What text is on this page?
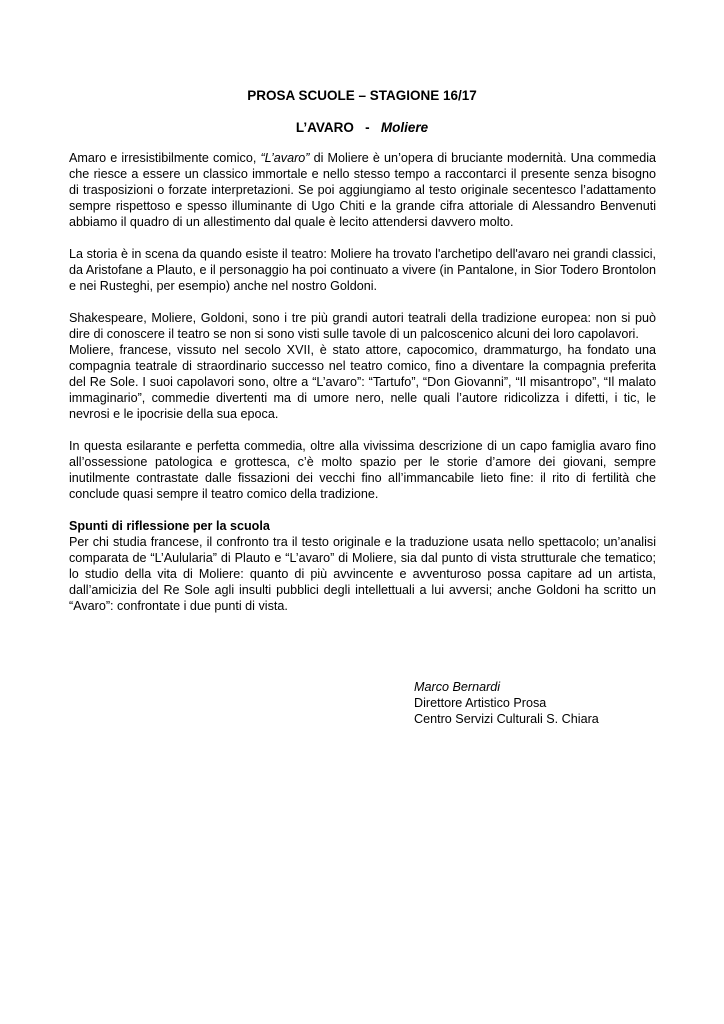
PROSA SCUOLE – STAGIONE 16/17
L’AVARO - Moliere

Amaro e irresistibilmente comico, “L’avaro” di Moliere è un’opera di bruciante modernità. Una commedia che riesce a essere un classico immortale e nello stesso tempo a raccontarci il presente senza bisogno di trasposizioni o forzate interpretazioni. Se poi aggiungiamo al testo originale secentesco l’adattamento sempre rispettoso e spesso illuminante di Ugo Chiti e la grande cifra attoriale di Alessandro Benvenuti abbiamo il quadro di un allestimento dal quale è lecito attendersi davvero molto.

La storia è in scena da quando esiste il teatro: Moliere ha trovato l'archetipo dell'avaro nei grandi classici, da Aristofane a Plauto, e il personaggio ha poi continuato a vivere (in Pantalone, in Sior Todero Brontolon e nei Rusteghi, per esempio) anche nel nostro Goldoni.

Shakespeare, Moliere, Goldoni, sono i tre più grandi autori teatrali della tradizione europea: non si può dire di conoscere il teatro se non si sono visti sulle tavole di un palcoscenico alcuni dei loro capolavori.

Moliere, francese, vissuto nel secolo XVII, è stato attore, capocomico, drammaturgo, ha fondato una compagnia teatrale di straordinario successo nel teatro comico, fino a diventare la compagnia preferita del Re Sole. I suoi capolavori sono, oltre a “L’avaro”: “Tartufo”, “Don Giovanni”, “Il misantropo”, “Il malato immaginario”, commedie divertenti ma di umore nero, nelle quali l’autore ridicolizza i difetti, i tic, le nevrosi e le ipocrisie della sua epoca.

In questa esilarante e perfetta commedia, oltre alla vivissima descrizione di un capo famiglia avaro fino all’ossessione patologica e grottesca, c’è molto spazio per le storie d’amore dei giovani, sempre inutilmente contrastate dalle fissazioni dei vecchi fino all’immancabile lieto fine: il rito di fertilità che conclude quasi sempre il teatro comico della tradizione.

Spunti di riflessione per la scuola

Per chi studia francese, il confronto tra il testo originale e la traduzione usata nello spettacolo; un’analisi comparata de “L’Aulularia” di Plauto e “L’avaro” di Moliere, sia dal punto di vista strutturale che tematico; lo studio della vita di Moliere: quanto di più avvincente e avventuroso possa capitare ad un artista, dall’amicizia del Re Sole agli insulti pubblici degli intellettuali a lui avversi; anche Goldoni ha scritto un “Avaro”: confrontate i due punti di vista.

Marco Bernardi
Direttore Artistico Prosa
Centro Servizi Culturali S. Chiara
